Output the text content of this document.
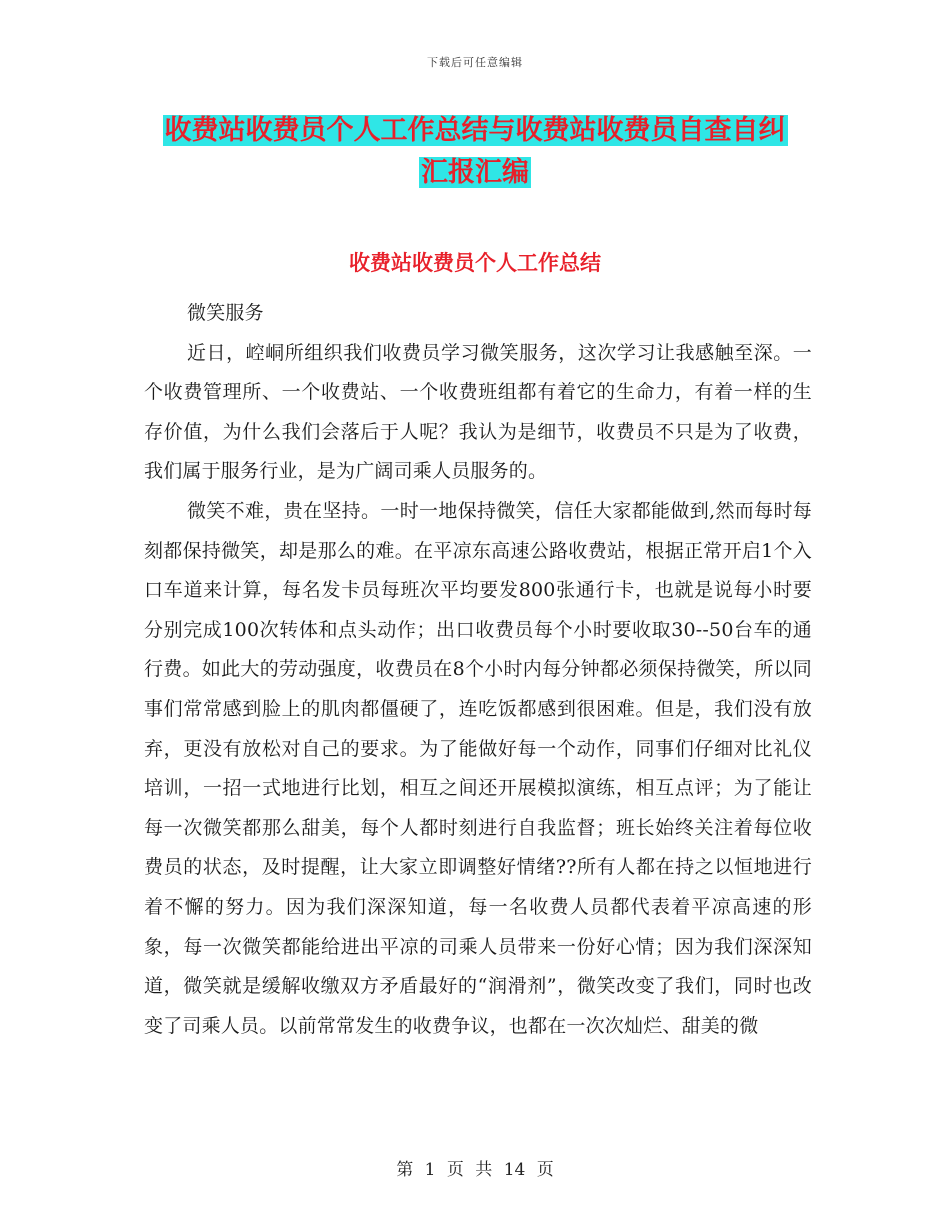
下载后可任意编辑
收费站收费员个人工作总结与收费站收费员自查自纠
汇报汇编
收费站收费员个人工作总结

微笑服务

近日，崆峒所组织我们收费员学习微笑服务，这次学习让我感触至深。一个收费管理所、一个收费站、一个收费班组都有着它的生命力，有着一样的生存价值，为什么我们会落后于人呢？我认为是细节，收费员不只是为了收费，我们属于服务行业，是为广阔司乘人员服务的。

微笑不难，贵在坚持。一时一地保持微笑，信任大家都能做到,然而每时每刻都保持微笑，却是那么的难。在平凉东高速公路收费站，根据正常开启1个入口车道来计算，每名发卡员每班次平均要发800张通行卡，也就是说每小时要分别完成100次转体和点头动作；出口收费员每个小时要收取30--50台车的通行费。如此大的劳动强度，收费员在8个小时内每分钟都必须保持微笑，所以同事们常常感到脸上的肌肉都僵硬了，连吃饭都感到很困难。但是，我们没有放弃，更没有放松对自己的要求。为了能做好每一个动作，同事们仔细对比礼仪培训，一招一式地进行比划，相互之间还开展模拟演练，相互点评；为了能让每一次微笑都那么甜美，每个人都时刻进行自我监督；班长始终关注着每位收费员的状态，及时提醒，让大家立即调整好情绪??所有人都在持之以恒地进行着不懈的努力。因为我们深深知道，每一名收费人员都代表着平凉高速的形象，每一次微笑都能给进出平凉的司乘人员带来一份好心情；因为我们深深知道，微笑就是缓解收缴双方矛盾最好的“润滑剂”，微笑改变了我们，同时也改变了司乘人员。以前常常发生的收费争议，也都在一次次灿烂、甜美的微

第 1 页 共 14 页
